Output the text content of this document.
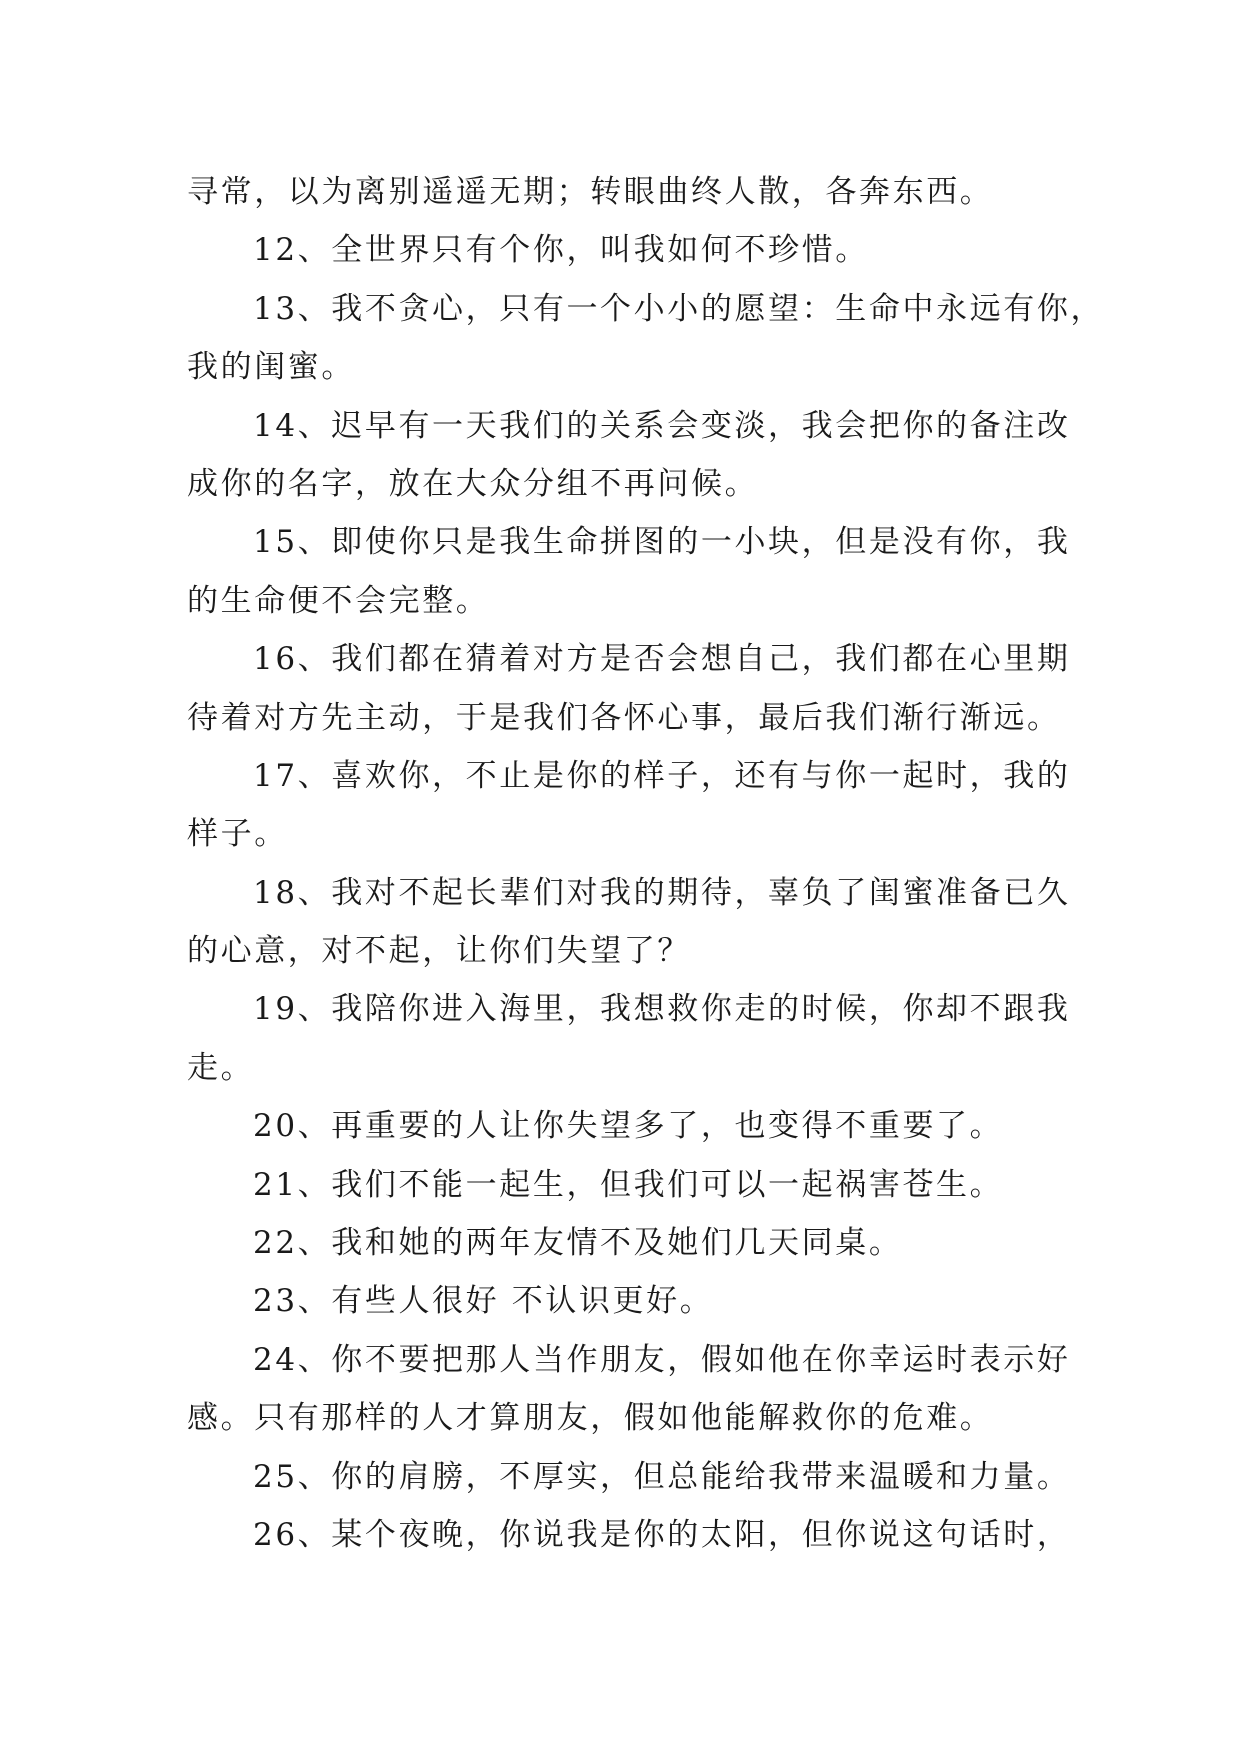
寻常，以为离别遥遥无期；转眼曲终人散，各奔东西。
12、全世界只有个你，叫我如何不珍惜。
13、我不贪心，只有一个小小的愿望：生命中永远有你，
我的闺蜜。
14、迟早有一天我们的关系会变淡，我会把你的备注改
成你的名字，放在大众分组不再问候。
15、即使你只是我生命拼图的一小块，但是没有你，我
的生命便不会完整。
16、我们都在猜着对方是否会想自己，我们都在心里期
待着对方先主动，于是我们各怀心事，最后我们渐行渐远。
17、喜欢你，不止是你的样子，还有与你一起时，我的
样子。
18、我对不起长辈们对我的期待，辜负了闺蜜准备已久
的心意，对不起，让你们失望了？
19、我陪你进入海里，我想救你走的时候，你却不跟我
走。
20、再重要的人让你失望多了，也变得不重要了。
21、我们不能一起生，但我们可以一起祸害苍生。
22、我和她的两年友情不及她们几天同桌。
23、有些人很好 不认识更好。
24、你不要把那人当作朋友，假如他在你幸运时表示好
感。只有那样的人才算朋友，假如他能解救你的危难。
25、你的肩膀，不厚实，但总能给我带来温暖和力量。
26、某个夜晚，你说我是你的太阳，但你说这句话时，
